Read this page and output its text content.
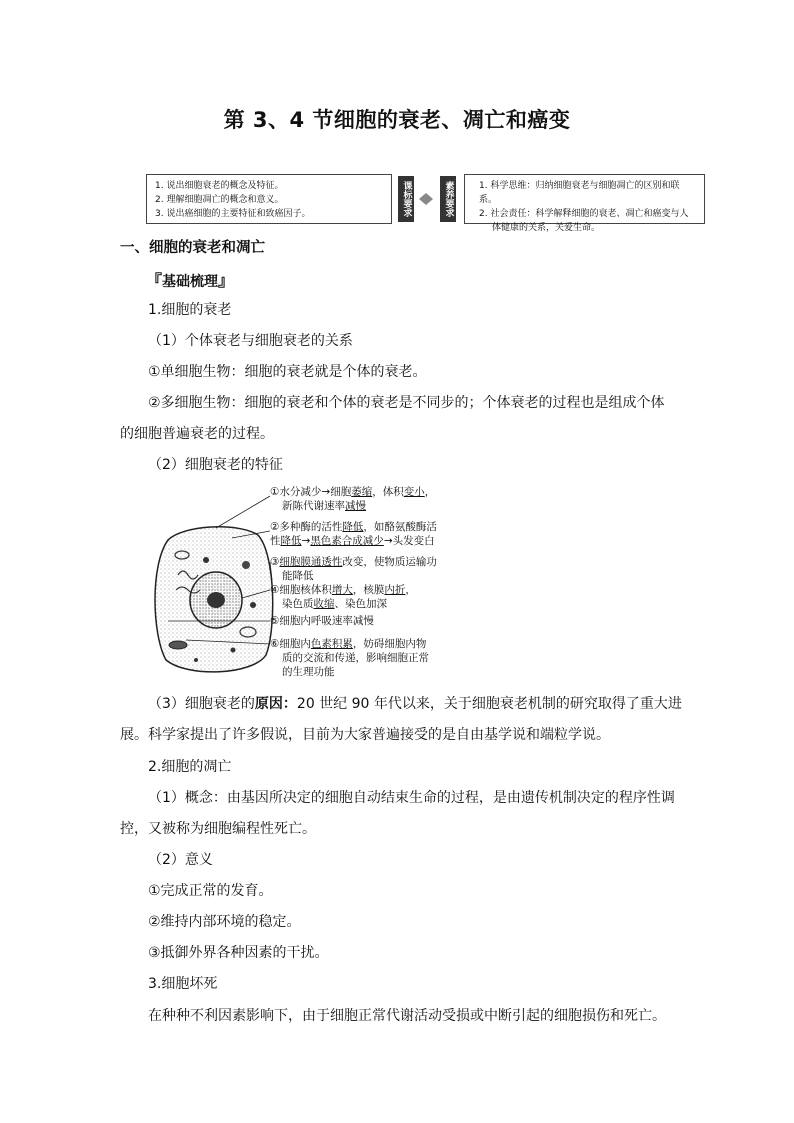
第 3、4 节细胞的衰老、凋亡和癌变
1. 说出细胞衰老的概念及特征。
2. 理解细胞凋亡的概念和意义。
3. 说出癌细胞的主要特征和致癌因子。	课标要求	素养要求	1. 科学思维：归纳细胞衰老与细胞凋亡的区别和联系。
2. 社会责任：科学解释细胞的衰老、凋亡和癌变与人
体健康的关系，关爱生命。
一、细胞的衰老和凋亡
『基础梳理』
1.细胞的衰老
（1）个体衰老与细胞衰老的关系
①单细胞生物：细胞的衰老就是个体的衰老。
②多细胞生物：细胞的衰老和个体的衰老是不同步的；个体衰老的过程也是组成个体
的细胞普遍衰老的过程。
（2）细胞衰老的特征
①水分减少→细胞萎缩，体积变小，
新陈代谢速率减慢
②多种酶的活性降低，如酪氨酸酶活
性降低→黑色素合成减少→头发变白
③细胞膜通透性改变，使物质运输功
能降低
④细胞核体积增大，核膜内折，
染色质收缩、染色加深
⑤细胞内呼吸速率减慢
⑥细胞内色素积累，妨碍细胞内物
质的交流和传递，影响细胞正常
的生理功能
（3）细胞衰老的原因：20 世纪 90 年代以来，关于细胞衰老机制的研究取得了重大进
展。科学家提出了许多假说，目前为大家普遍接受的是自由基学说和端粒学说。
2.细胞的凋亡
（1）概念：由基因所决定的细胞自动结束生命的过程，是由遗传机制决定的程序性调
控，又被称为细胞编程性死亡。
（2）意义
①完成正常的发育。
②维持内部环境的稳定。
③抵御外界各种因素的干扰。
3.细胞坏死
在种种不利因素影响下，由于细胞正常代谢活动受损或中断引起的细胞损伤和死亡。
